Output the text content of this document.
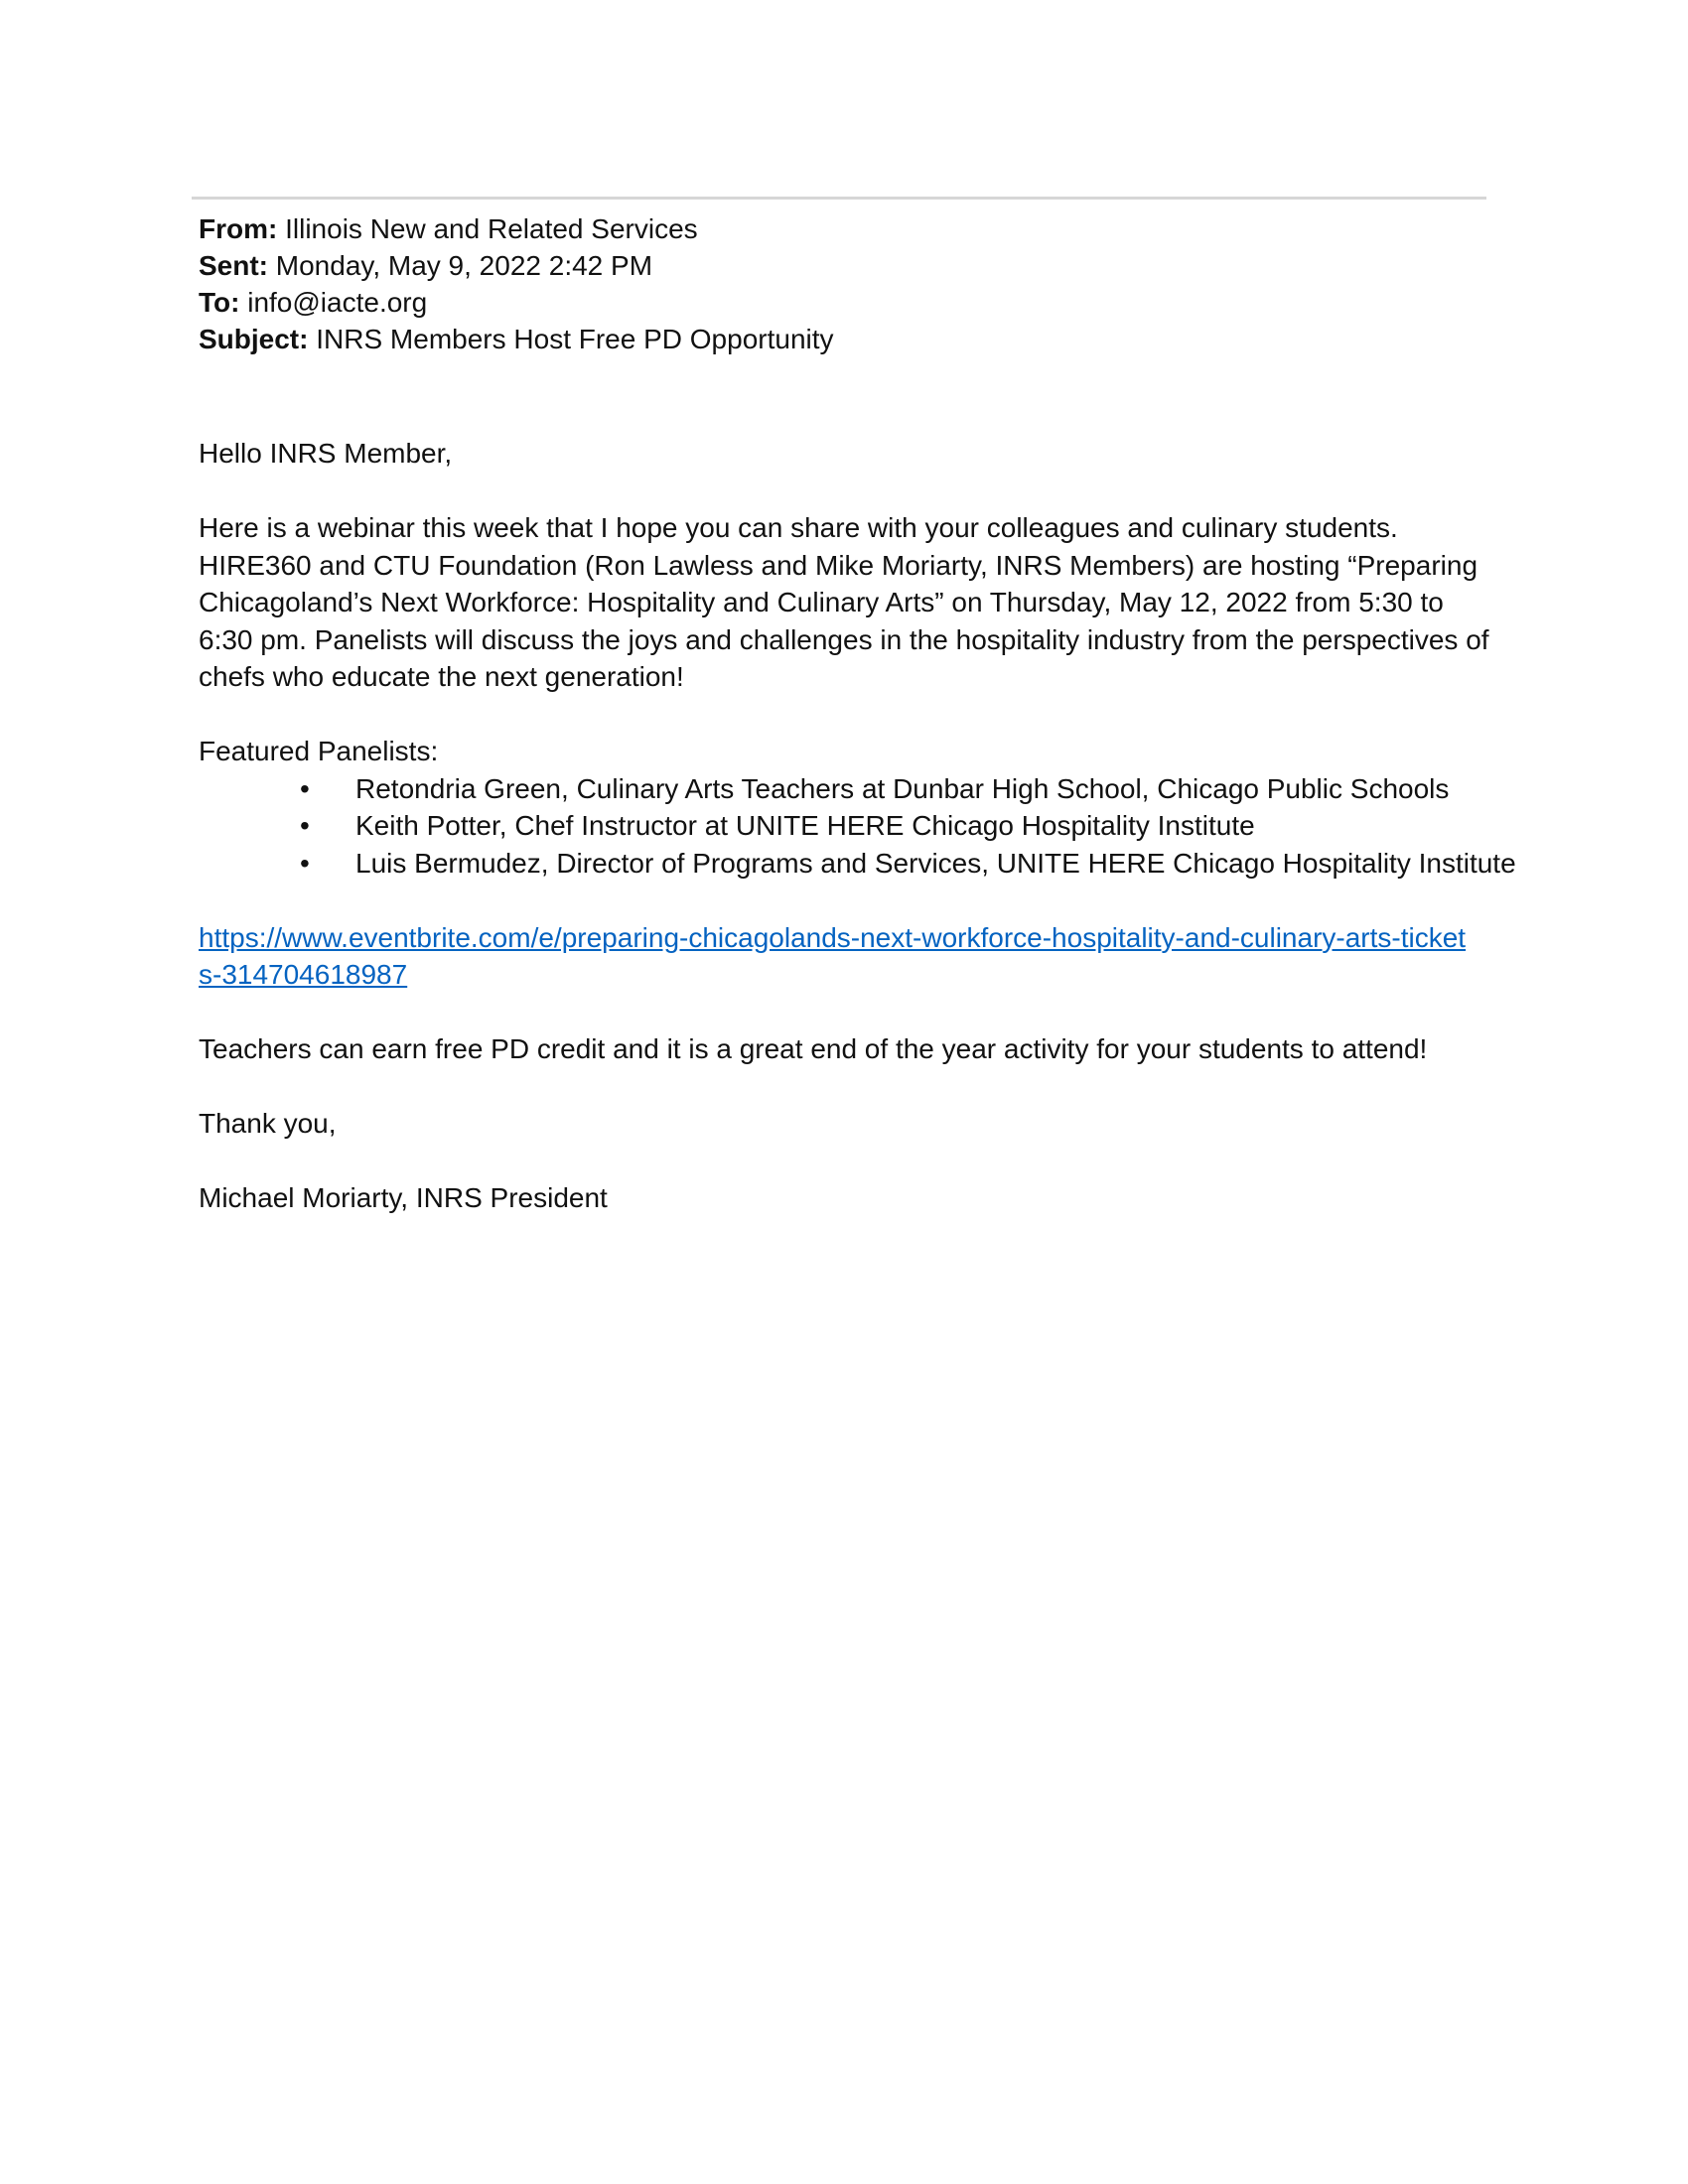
From: Illinois New and Related Services
Sent: Monday, May 9, 2022 2:42 PM
To: info@iacte.org
Subject: INRS Members Host Free PD Opportunity

Hello INRS Member,

Here is a webinar this week that I hope you can share with your colleagues and culinary students. HIRE360 and CTU Foundation (Ron Lawless and Mike Moriarty, INRS Members) are hosting “Preparing Chicagoland’s Next Workforce: Hospitality and Culinary Arts” on Thursday, May 12, 2022 from 5:30 to 6:30 pm. Panelists will discuss the joys and challenges in the hospitality industry from the perspectives of chefs who educate the next generation!

Featured Panelists:

• Retondria Green, Culinary Arts Teachers at Dunbar High School, Chicago Public Schools
• Keith Potter, Chef Instructor at UNITE HERE Chicago Hospitality Institute
• Luis Bermudez, Director of Programs and Services, UNITE HERE Chicago Hospitality Institute
https://www.eventbrite.com/e/preparing-chicagolands-next-workforce-hospitality-and-culinary-arts-tickets-314704618987

Teachers can earn free PD credit and it is a great end of the year activity for your students to attend!

Thank you,

Michael Moriarty, INRS President
